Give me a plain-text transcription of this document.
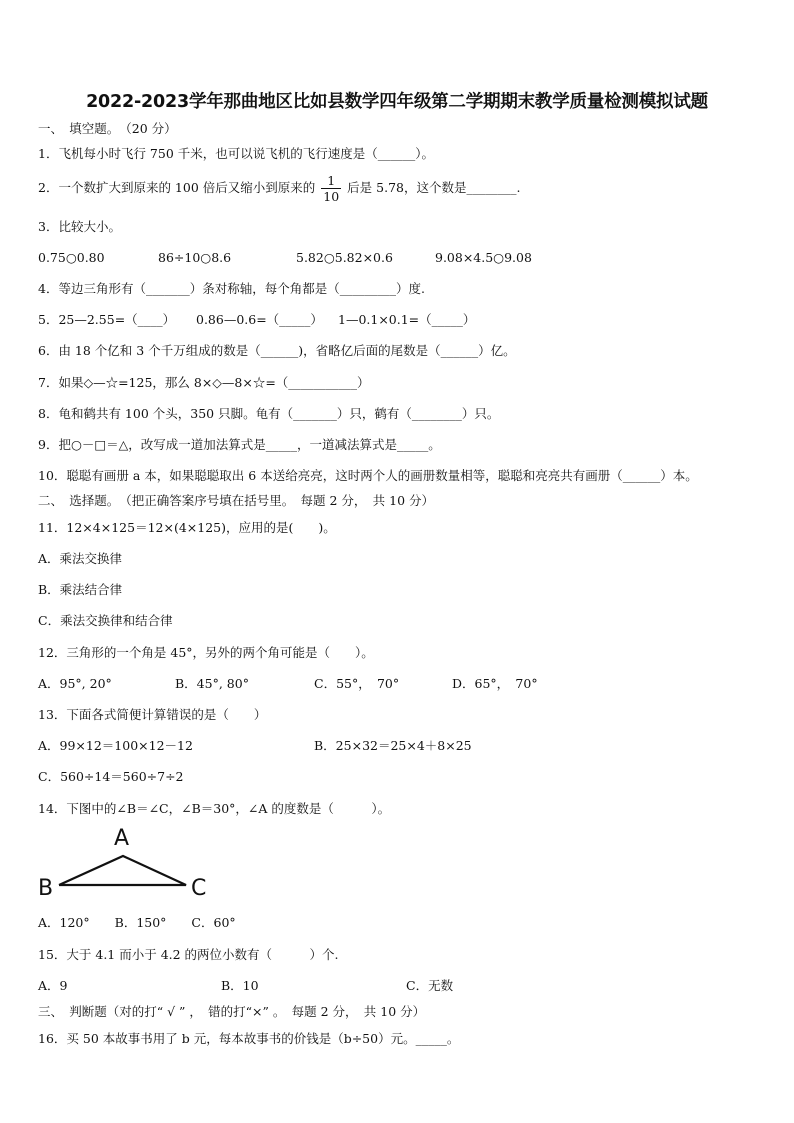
2022-2023学年那曲地区比如县数学四年级第二学期期末教学质量检测模拟试题
一、　填空题。　（20 分）
1．飞机每小时飞行 750 千米，也可以说飞机的飞行速度是（______）。
2．一个数扩大到原来的 100 倍后又缩小到原来的 $\frac{1}{10}$ 后是 5.78，这个数是________.
3．比较大小。
0.75○0.80	86÷10○8.6	5.82○5.82×0.6	9.08×4.5○9.08
4．等边三角形有（_______）条对称轴，每个角都是（_________）度.
5．25—2.55=（____） 0.86—0.6=（_____） 1—0.1×0.1=（_____）
6．由 18 个亿和 3 个千万组成的数是（______)，省略亿后面的尾数是（______）亿。
7．如果◇—☆=125，那么 8×◇—8×☆=（___________）
8．龟和鹤共有 100 个头，350 只脚。龟有（_______）只，鹤有（________）只。
9．把○－□＝△，改写成一道加法算式是_____，一道减法算式是_____。
10．聪聪有画册 a 本，如果聪聪取出 6 本送给亮亮，这时两个人的画册数量相等，聪聪和亮亮共有画册（______）本。
二、　选择题。　（把正确答案序号填在括号里。　每题 2 分，　共 10 分）
11．12×4×125＝12×(4×125)，应用的是(　　)。
A．乘法交换律
B．乘法结合律
C．乘法交换律和结合律
12．三角形的一个角是 45°，另外的两个角可能是（　　）。
A．95°, 20°	B．45°, 80°	C．55°，　70°	D．65°，　70°
13．下面各式简便计算错误的是（　　）
A．99×12＝100×12－12	B．25×32＝25×4＋8×25
C．560÷14＝560÷7÷2
14．下图中的∠B＝∠C，∠B＝30°，∠A 的度数是（　　　）。
A
B	C
A．120°　　B．150°　　C．60°
15．大于 4.1 而小于 4.2 的两位小数有（　　　）个.
A．9	B．10	C．无数
三、　判断题（对的打“ √ ” ，　错的打“×” 。　每题 2 分，　共 10 分）
16．买 50 本故事书用了 b 元，每本故事书的价钱是（b÷50）元。_____。
